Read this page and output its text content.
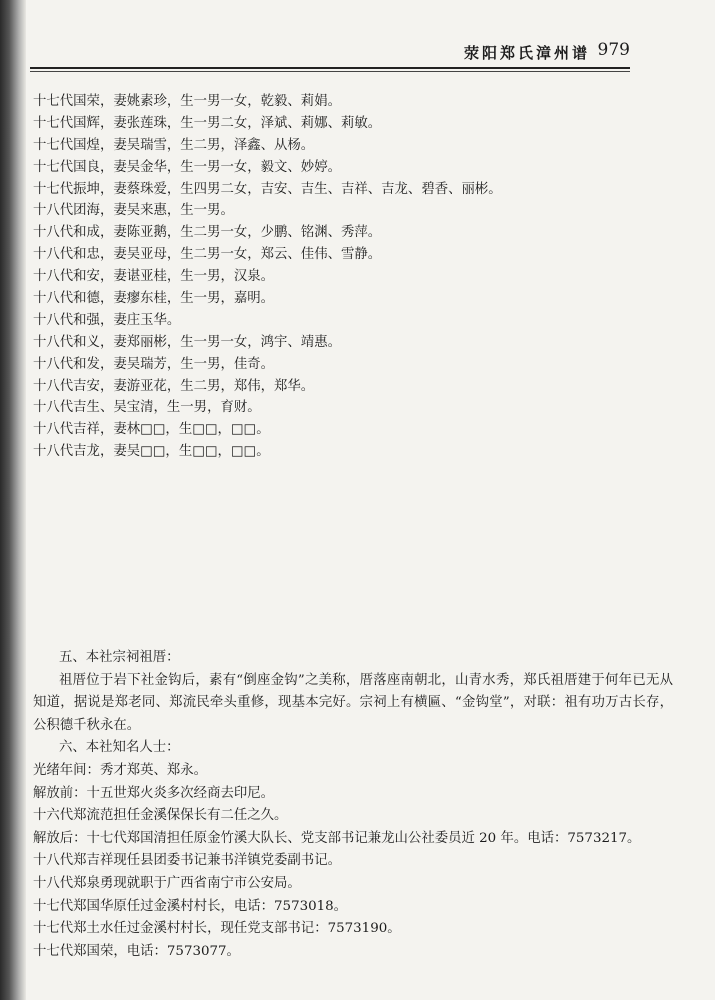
荥阳郑氏漳州谱 979
十七代国荣，妻姚素珍，生一男一女，乾毅、莉娟。
十七代国辉，妻张莲珠，生一男二女，泽斌、莉娜、莉敏。
十七代国煌，妻吴瑞雪，生二男，泽鑫、从杨。
十七代国良，妻吴金华，生一男一女，毅文、妙婷。
十七代振坤，妻蔡珠爱，生四男二女，吉安、吉生、吉祥、吉龙、碧香、丽彬。
十八代团海，妻吴来惠，生一男。
十八代和成，妻陈亚鹅，生二男一女，少鹏、铭渊、秀萍。
十八代和忠，妻吴亚母，生二男一女，郑云、佳伟、雪静。
十八代和安，妻谌亚桂，生一男，汉泉。
十八代和德，妻瘳东桂，生一男，嘉明。
十八代和强，妻庄玉华。
十八代和义，妻郑丽彬，生一男一女，鸿宇、靖惠。
十八代和发，妻吴瑞芳，生一男，佳奇。
十八代吉安，妻游亚花，生二男，郑伟，郑华。
十八代吉生、吴宝清，生一男，育财。
十八代吉祥，妻林□□，生□□，□□。
十八代吉龙，妻吴□□，生□□，□□。
五、本社宗祠祖厝：

祖厝位于岩下社金钩后，素有“倒座金钩”之美称，厝落座南朝北，山青水秀，郑氏祖厝建于何年已无从知道，据说是郑老同、郑流民牵头重修，现基本完好。宗祠上有横匾、“金钩堂”，对联：祖有功万古长存，公积德千秋永在。

六、本社知名人士：
光绪年间：秀才郑英、郑永。
解放前：十五世郑火炎多次经商去印尼。
十六代郑流范担任金溪保保长有二任之久。
解放后：十七代郑国清担任原金竹溪大队长、党支部书记兼龙山公社委员近 20 年。电话：7573217。
十八代郑吉祥现任县团委书记兼书洋镇党委副书记。
十八代郑泉勇现就职于广西省南宁市公安局。
十七代郑国华原任过金溪村村长，电话：7573018。
十七代郑土水任过金溪村村长，现任党支部书记：7573190。
十七代郑国荣，电话：7573077。
